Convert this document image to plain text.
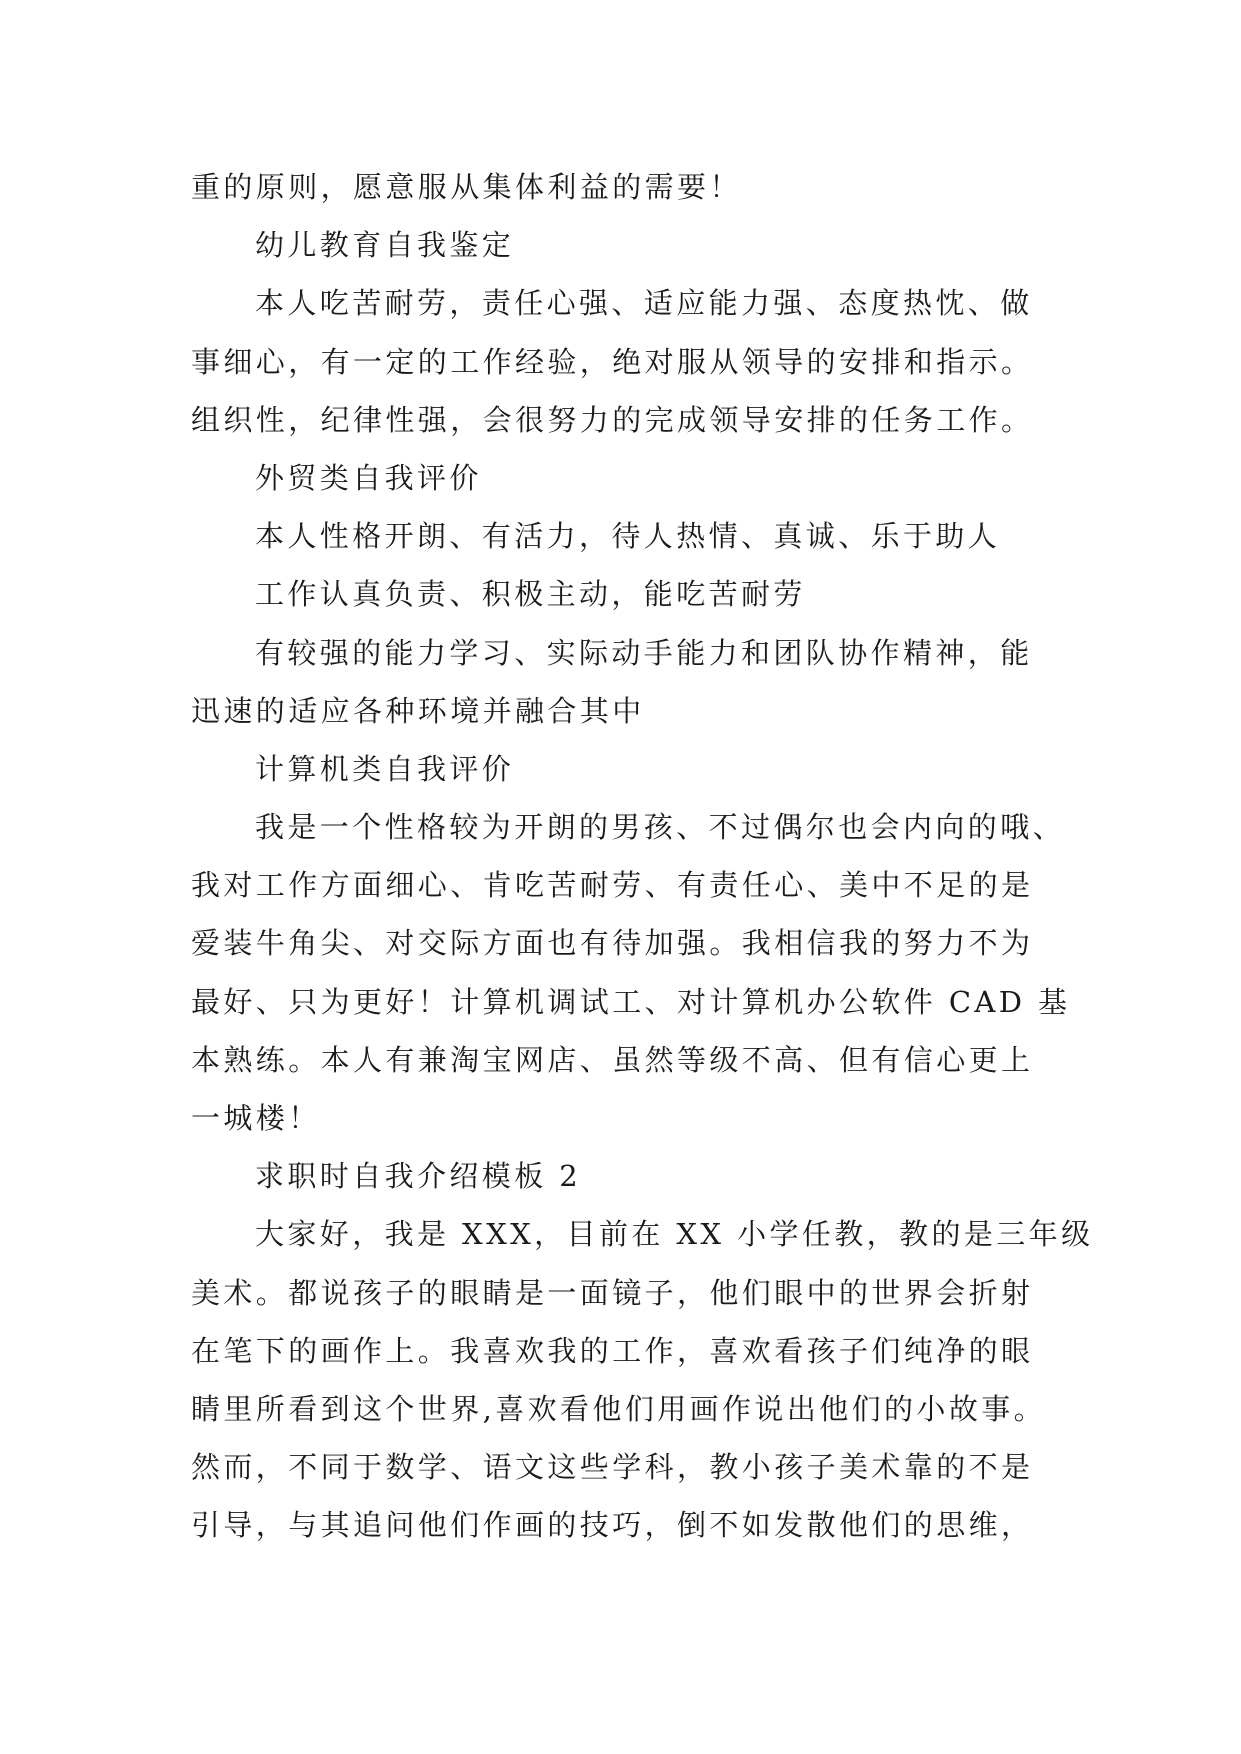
重的原则，愿意服从集体利益的需要！
幼儿教育自我鉴定
本人吃苦耐劳，责任心强、适应能力强、态度热忱、做
事细心，有一定的工作经验，绝对服从领导的安排和指示。
组织性，纪律性强，会很努力的完成领导安排的任务工作。
外贸类自我评价
本人性格开朗、有活力，待人热情、真诚、乐于助人
工作认真负责、积极主动，能吃苦耐劳
有较强的能力学习、实际动手能力和团队协作精神，能
迅速的适应各种环境并融合其中
计算机类自我评价
我是一个性格较为开朗的男孩、不过偶尔也会内向的哦、
我对工作方面细心、肯吃苦耐劳、有责任心、美中不足的是
爱装牛角尖、对交际方面也有待加强。我相信我的努力不为
最好、只为更好！计算机调试工、对计算机办公软件 CAD 基
本熟练。本人有兼淘宝网店、虽然等级不高、但有信心更上
一城楼！
求职时自我介绍模板 2
大家好，我是 XXX，目前在 XX 小学任教，教的是三年级
美术。都说孩子的眼睛是一面镜子，他们眼中的世界会折射
在笔下的画作上。我喜欢我的工作，喜欢看孩子们纯净的眼
睛里所看到这个世界,喜欢看他们用画作说出他们的小故事。
然而，不同于数学、语文这些学科，教小孩子美术靠的不是
引导，与其追问他们作画的技巧，倒不如发散他们的思维，
